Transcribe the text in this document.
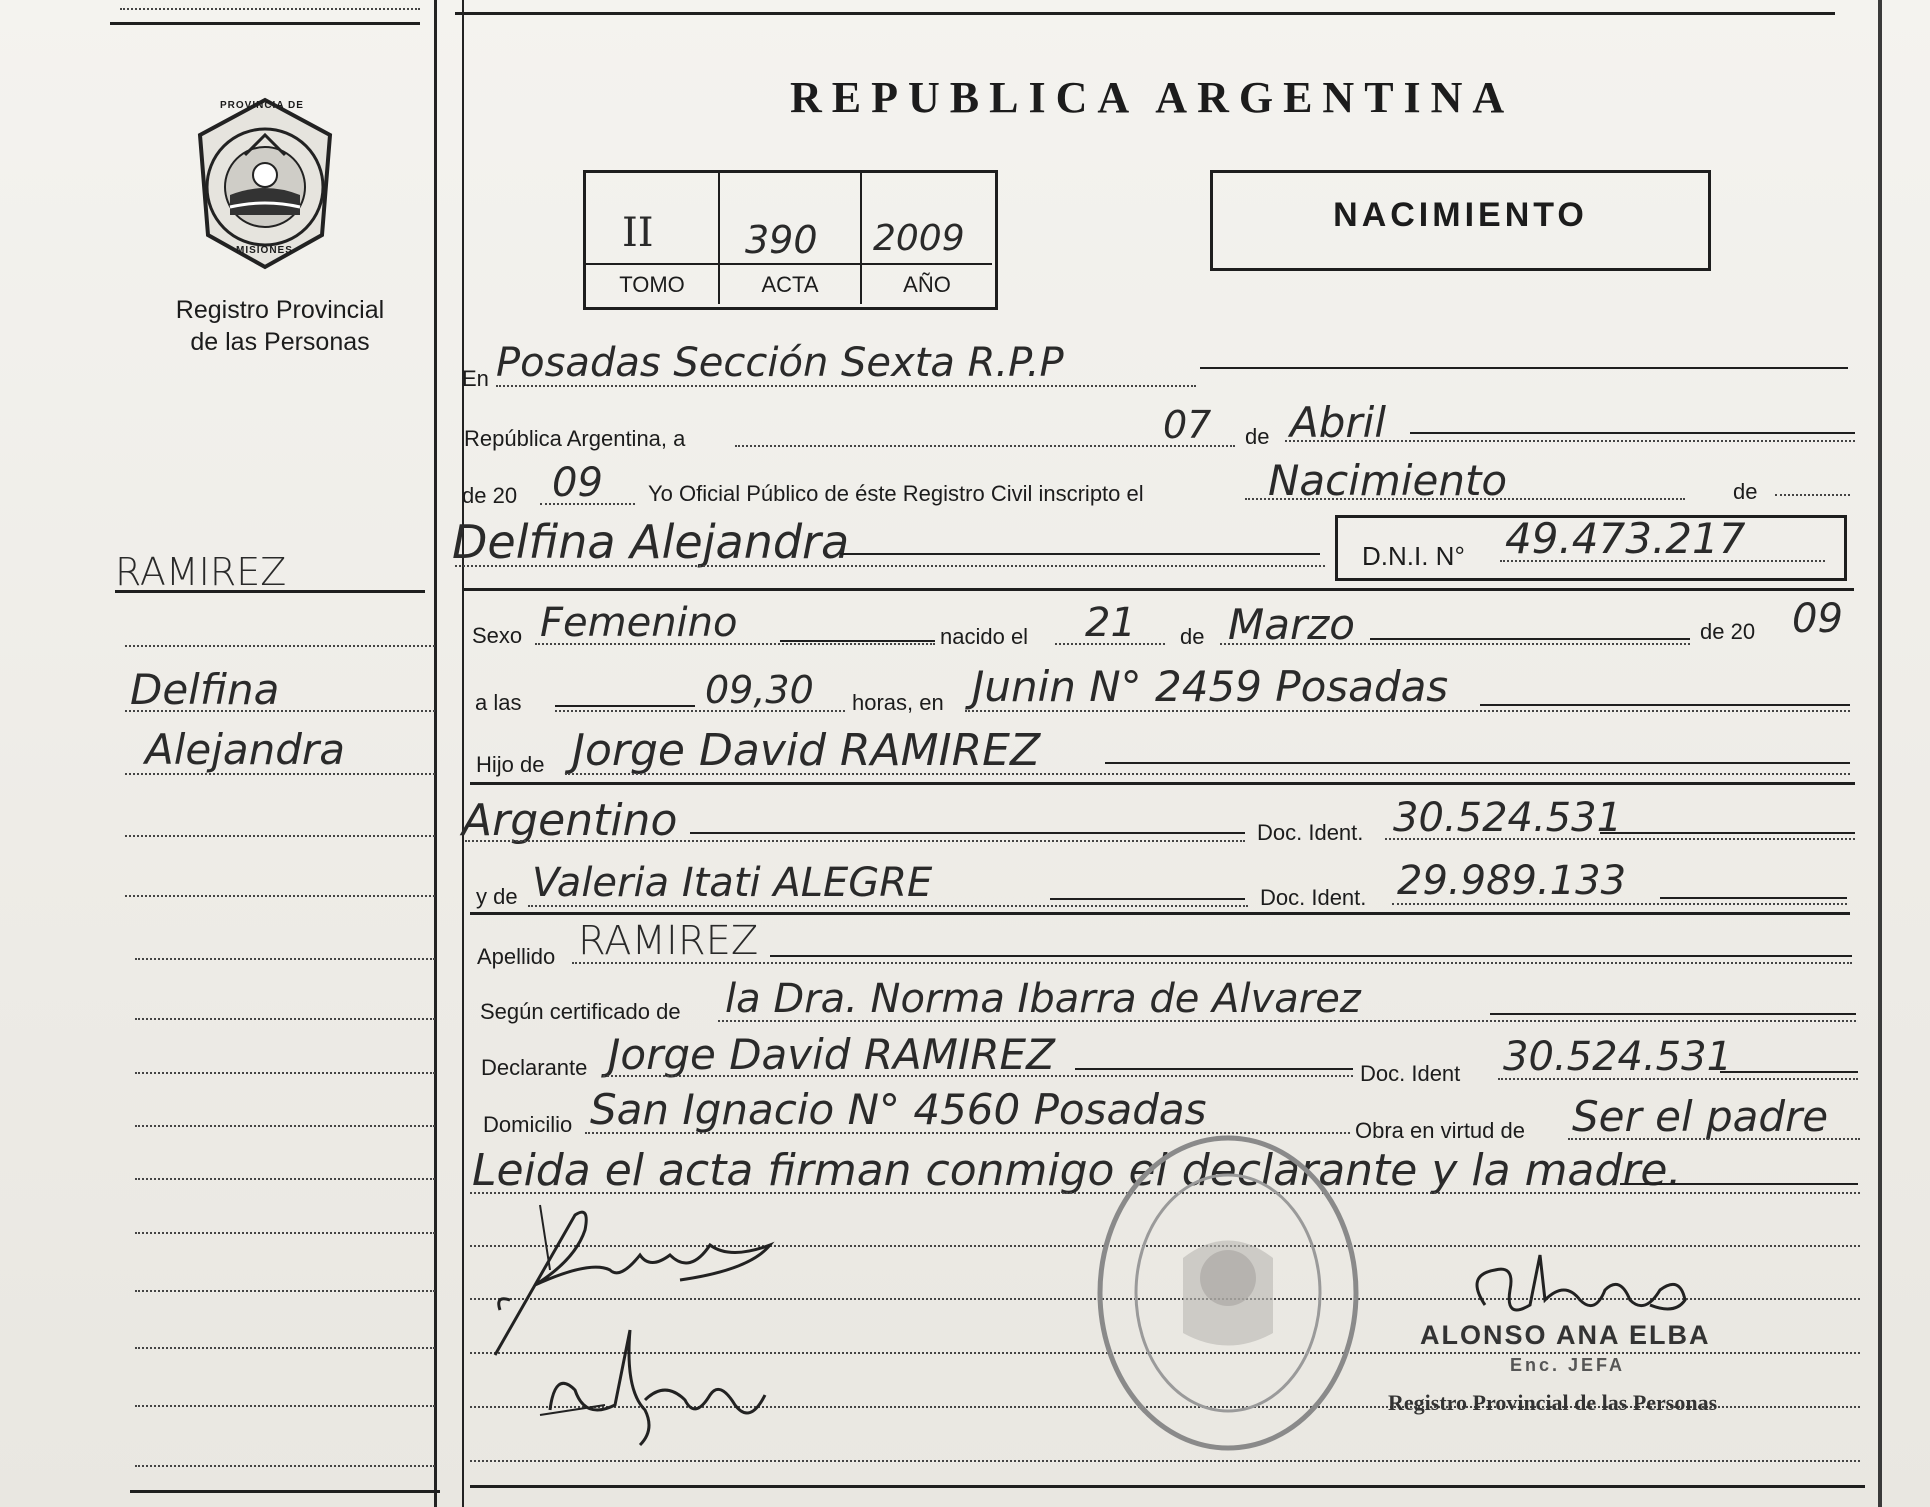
PROVINCIA DE
MISIONES
Registro Provincial
de las Personas
RAMIREZ
Delfina
Alejandra
REPUBLICA ARGENTINA
II 390 2009
TOMO	ACTA	AÑO
NACIMIENTO
En Posadas Sección Sexta R.P.P
República Argentina, a	07 de Abril
de 20 09 Yo Oficial Público de éste Registro Civil inscripto el	Nacimiento	de
Delfina Alejandra	D.N.I. N° 49.473.217
Sexo Femenino	nacido el 21 de Marzo	de 20 09
a las	09,30 horas, en Junin N° 2459 Posadas
Hijo de Jorge David RAMIREZ
Argentino	Doc. Ident. 30.524.531
y de Valeria Itati ALEGRE	Doc. Ident. 29.989.133
Apellido RAMIREZ
Según certificado de la Dra. Norma Ibarra de Alvarez
Declarante Jorge David RAMIREZ	Doc. Ident 30.524.531
Domicilio San Ignacio N° 4560 Posadas	Obra en virtud de Ser el padre
Leida el acta firman conmigo el declarante y la madre.
ALONSO ANA ELBA
Enc. JEFA
Registro Provincial de las Personas
